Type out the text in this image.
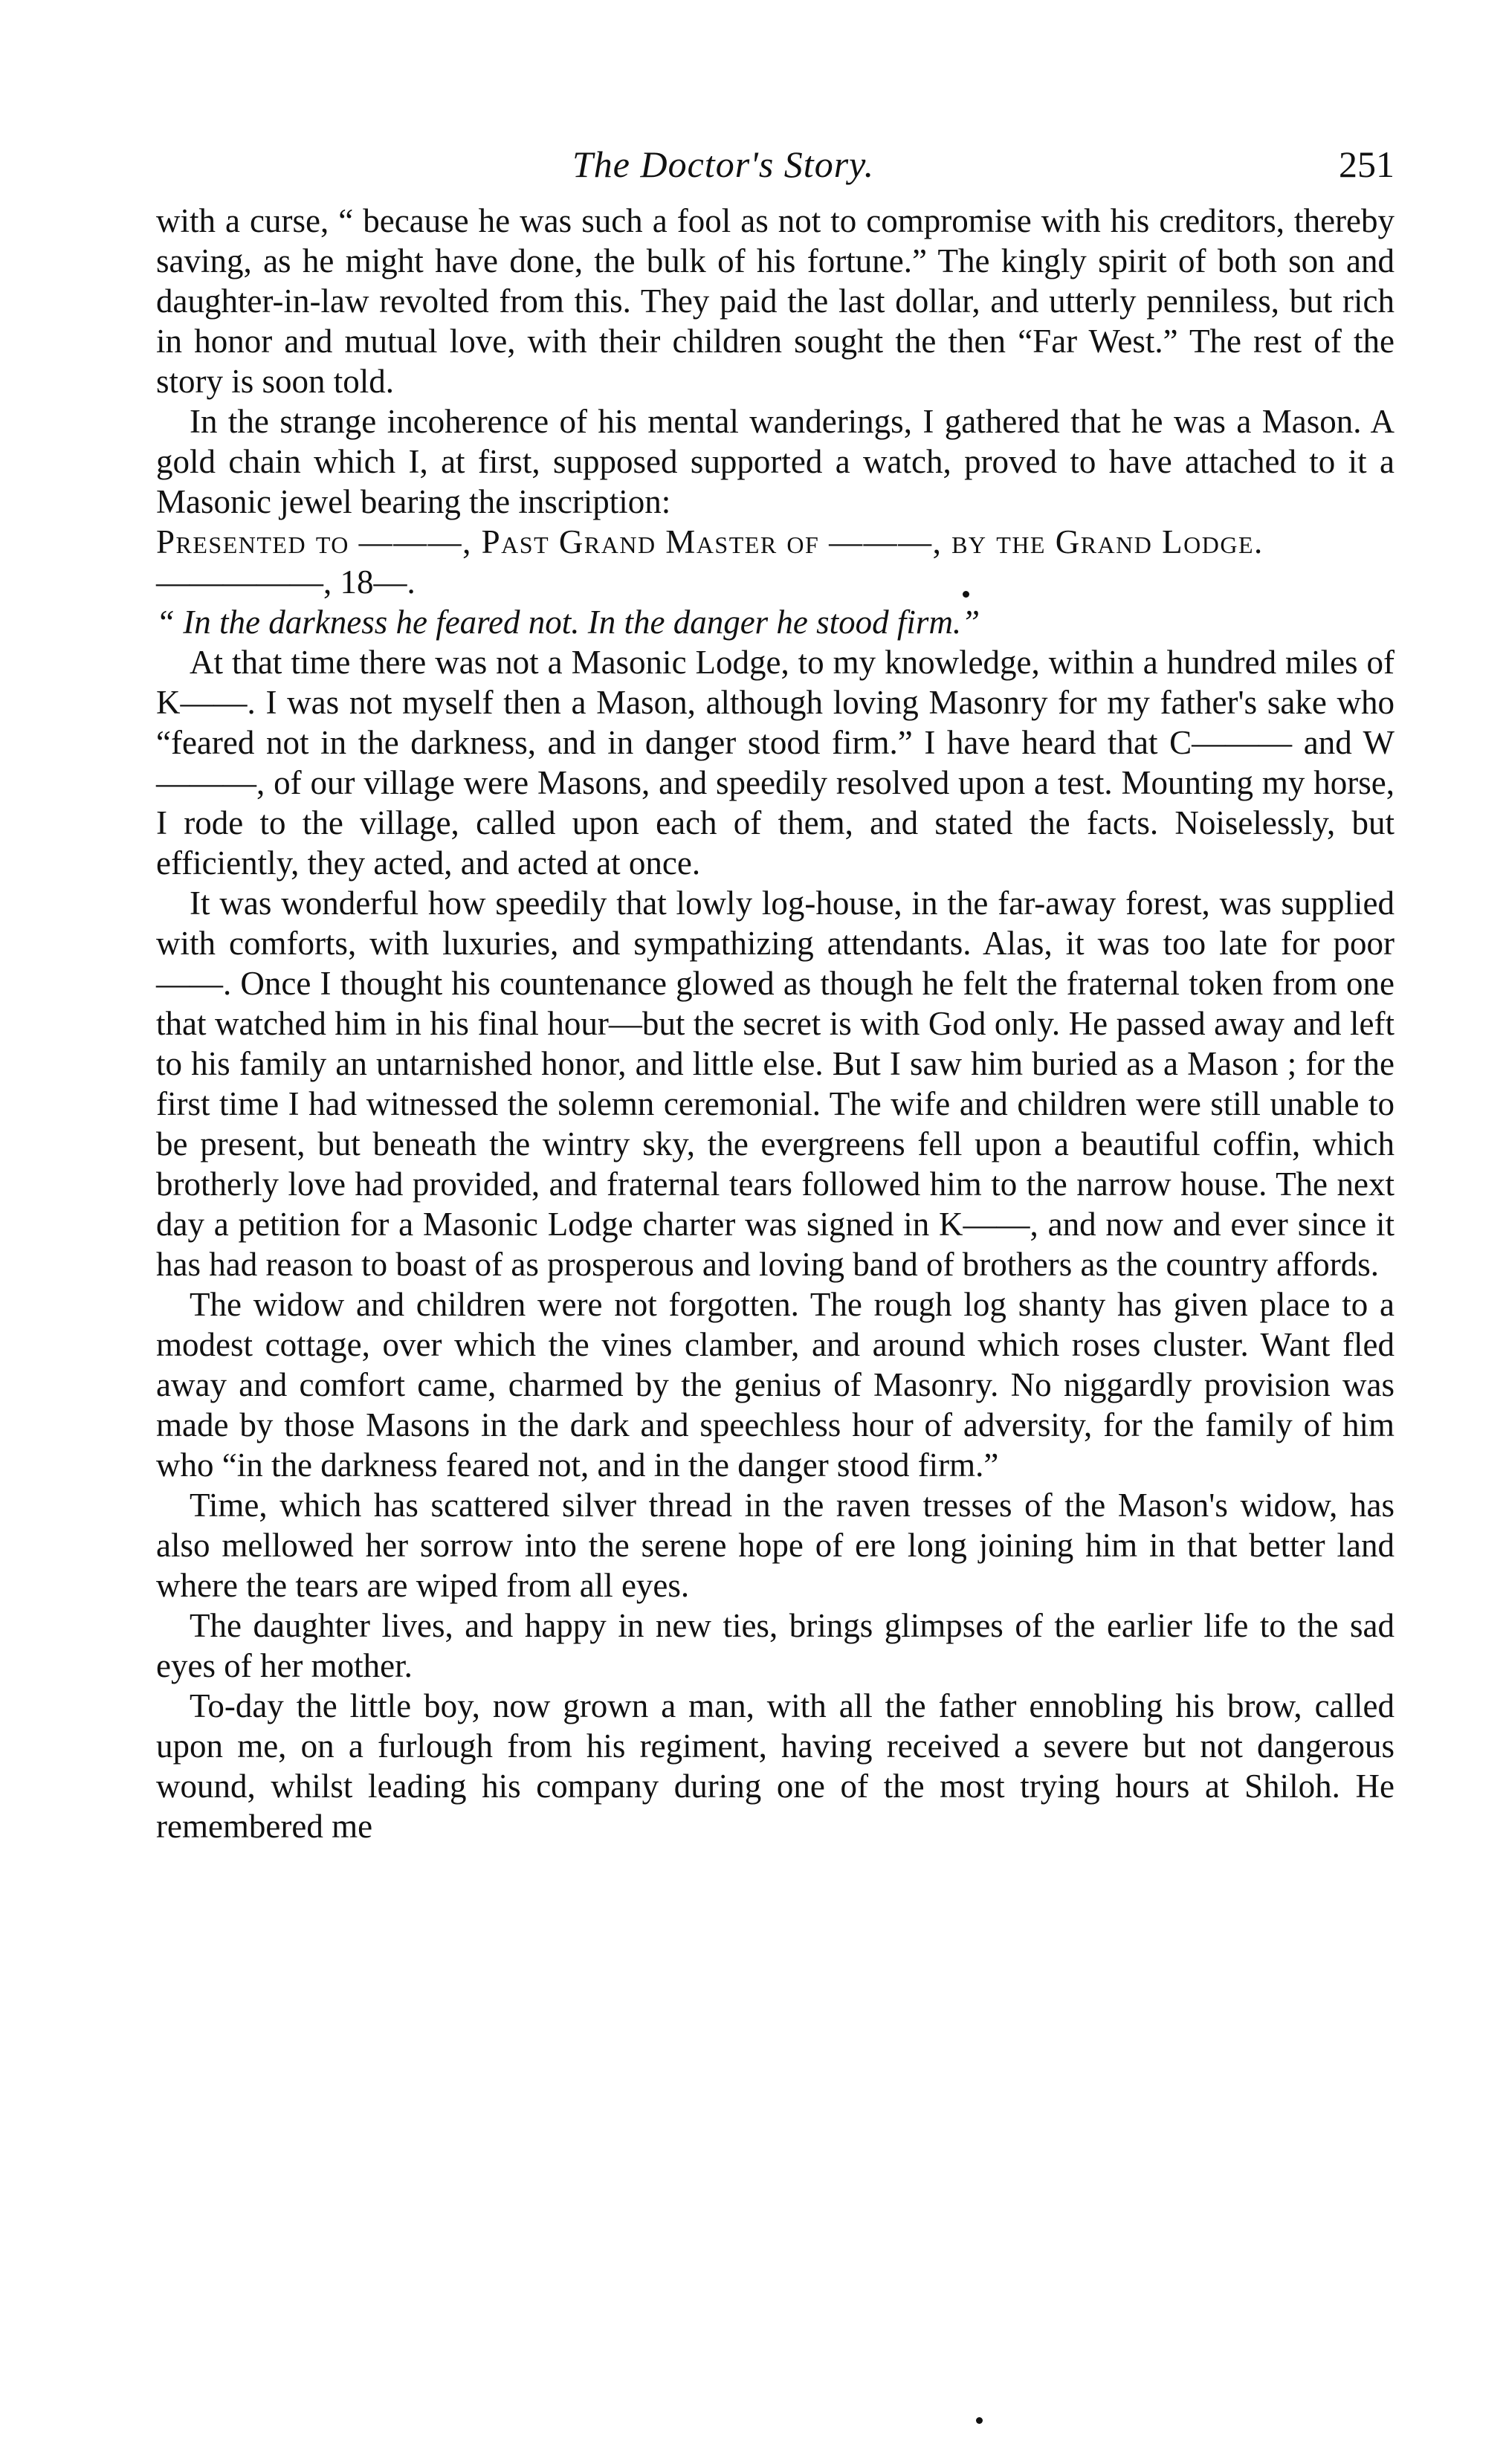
The Doctor's Story.	251

with a curse, “ because he was such a fool as not to compromise with his creditors, thereby saving, as he might have done, the bulk of his fortune.” The kingly spirit of both son and daughter-in-law revolted from this. They paid the last dollar, and utterly penniless, but rich in honor and mutual love, with their children sought the then “Far West.” The rest of the story is soon told.

In the strange incoherence of his mental wanderings, I gathered that he was a Mason. A gold chain which I, at first, supposed supported a watch, proved to have attached to it a Masonic jewel bearing the inscription:

Presented to ———, Past Grand Master of ———, by the Grand Lodge.

—————, 18—.

“ In the darkness he feared not. In the danger he stood firm.”

At that time there was not a Masonic Lodge, to my knowledge, within a hundred miles of K——. I was not myself then a Mason, although loving Masonry for my father's sake who “feared not in the darkness, and in danger stood firm.” I have heard that C——— and W———, of our village were Masons, and speedily resolved upon a test. Mounting my horse, I rode to the village, called upon each of them, and stated the facts. Noiselessly, but efficiently, they acted, and acted at once.

It was wonderful how speedily that lowly log-house, in the far-away forest, was supplied with comforts, with luxuries, and sympathizing attendants. Alas, it was too late for poor——. Once I thought his countenance glowed as though he felt the fraternal token from one that watched him in his final hour—but the secret is with God only. He passed away and left to his family an untarnished honor, and little else. But I saw him buried as a Mason ; for the first time I had witnessed the solemn ceremonial. The wife and children were still unable to be present, but beneath the wintry sky, the evergreens fell upon a beautiful coffin, which brotherly love had provided, and fraternal tears followed him to the narrow house. The next day a petition for a Masonic Lodge charter was signed in K——, and now and ever since it has had reason to boast of as prosperous and loving band of brothers as the country affords.

The widow and children were not forgotten. The rough log shanty has given place to a modest cottage, over which the vines clamber, and around which roses cluster. Want fled away and comfort came, charmed by the genius of Masonry. No niggardly provision was made by those Masons in the dark and speechless hour of adversity, for the family of him who “in the darkness feared not, and in the danger stood firm.”

Time, which has scattered silver thread in the raven tresses of the Mason's widow, has also mellowed her sorrow into the serene hope of ere long joining him in that better land where the tears are wiped from all eyes.

The daughter lives, and happy in new ties, brings glimpses of the earlier life to the sad eyes of her mother.

To-day the little boy, now grown a man, with all the father ennobling his brow, called upon me, on a furlough from his regiment, having received a severe but not dangerous wound, whilst leading his company during one of the most trying hours at Shiloh. He remembered me
